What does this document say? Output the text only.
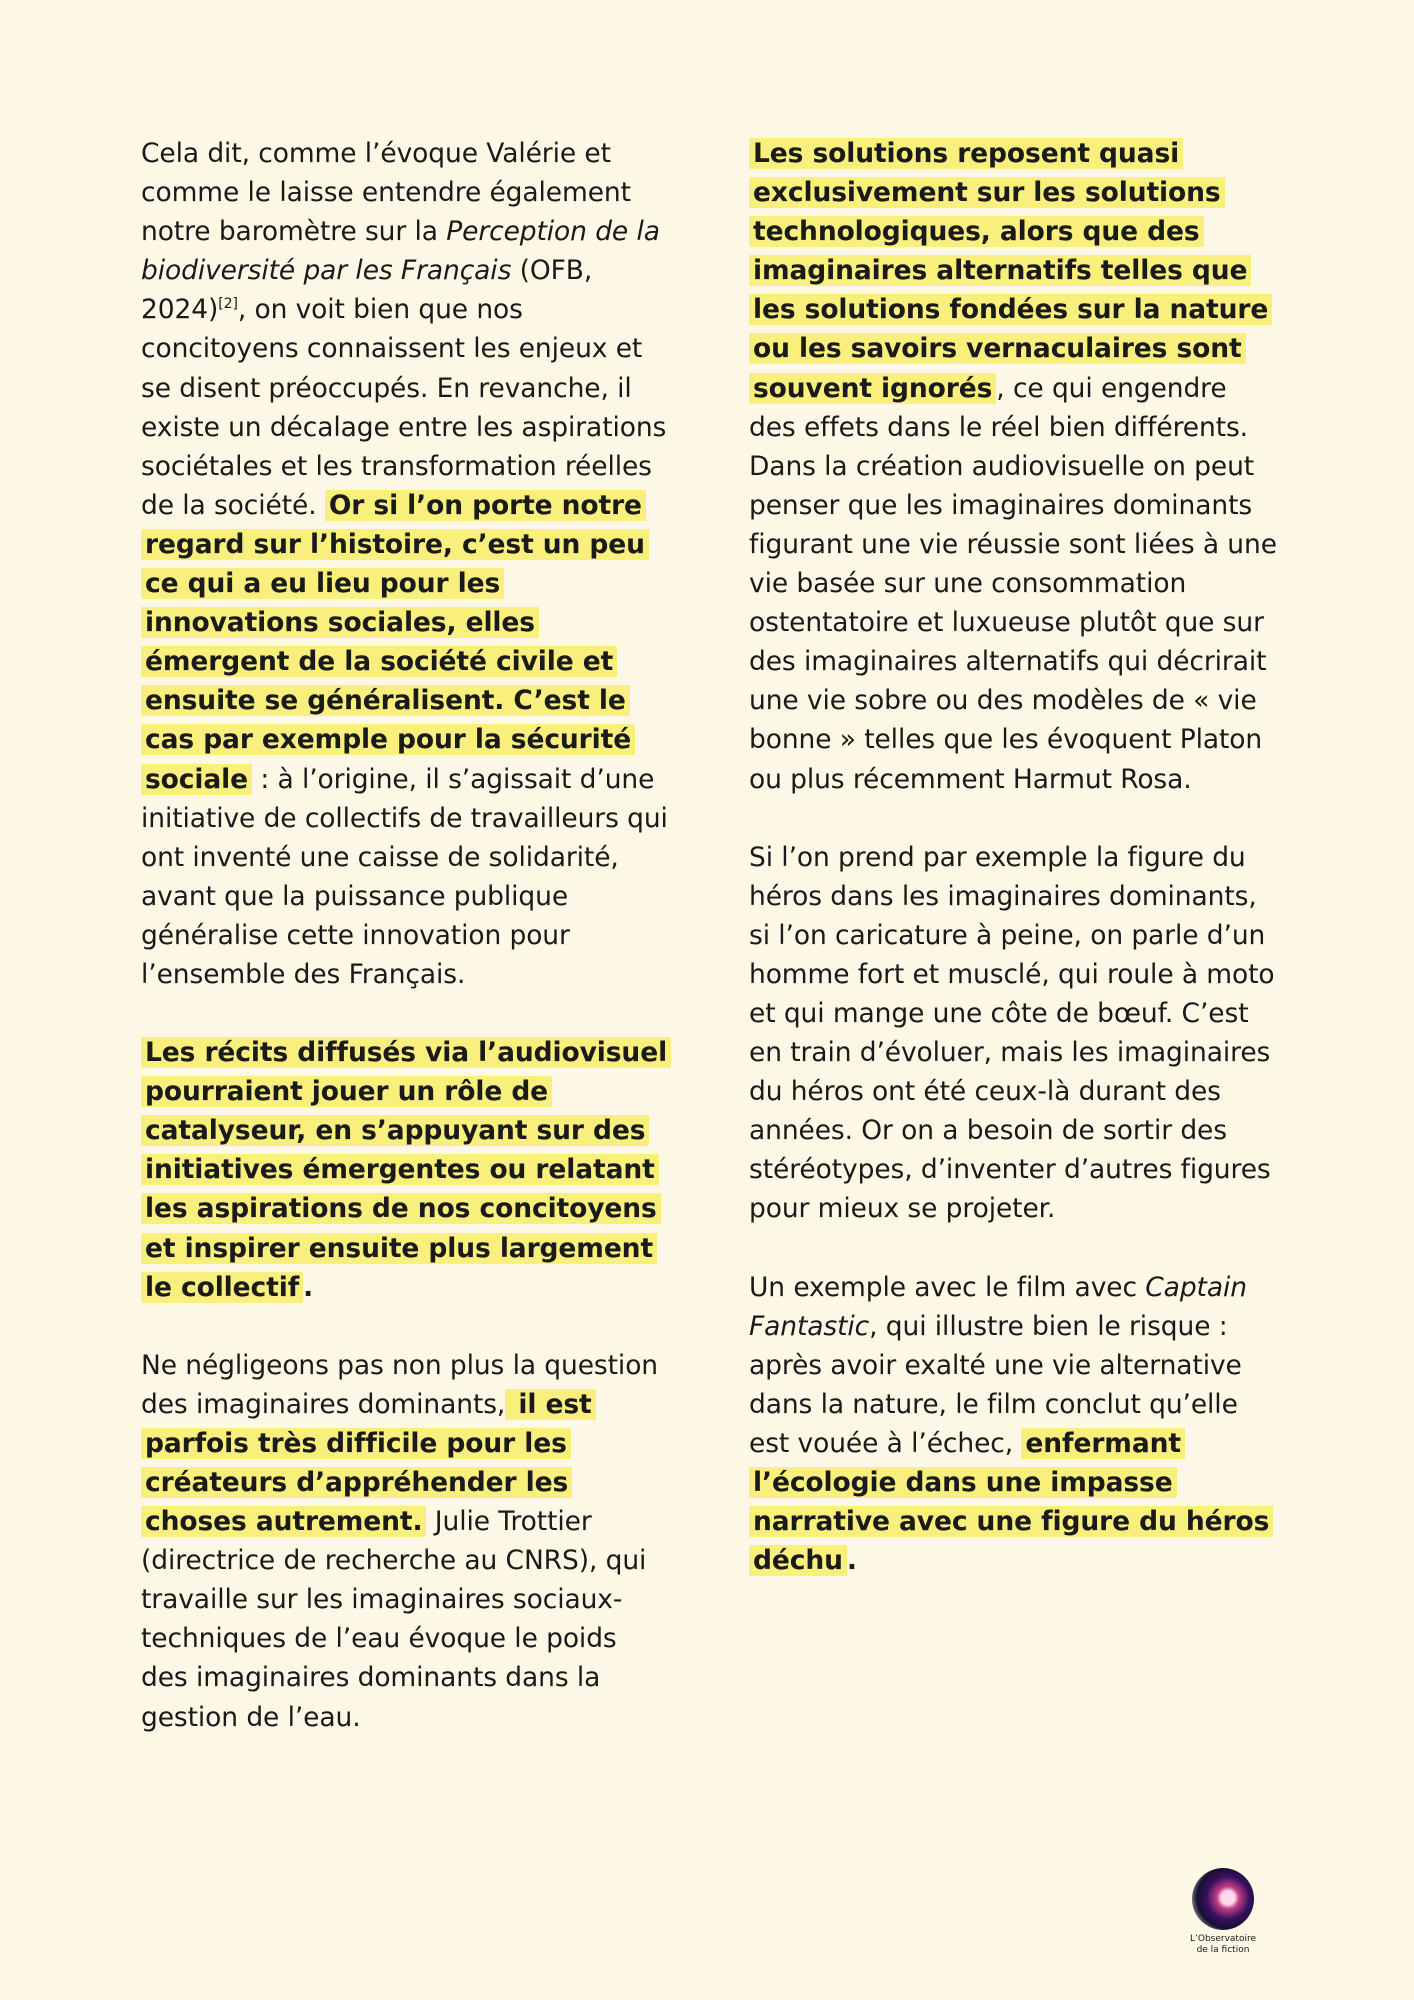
Cela dit, comme l’évoque Valérie et comme le laisse entendre également notre baromètre sur la Perception de la biodiversité par les Français (OFB, 2024)[2], on voit bien que nos concitoyens connaissent les enjeux et se disent préoccupés. En revanche, il existe un décalage entre les aspirations sociétales et les transformation réelles de la société. Or si l’on porte notre regard sur l’histoire, c’est un peu ce qui a eu lieu pour les innovations sociales, elles émergent de la société civile et ensuite se généralisent. C’est le cas par exemple pour la sécurité sociale : à l’origine, il s’agissait d’une initiative de collectifs de travailleurs qui ont inventé une caisse de solidarité, avant que la puissance publique généralise cette innovation pour l’ensemble des Français.

Les récits diffusés via l’audiovisuel pourraient jouer un rôle de catalyseur, en s’appuyant sur des initiatives émergentes ou relatant les aspirations de nos concitoyens et inspirer ensuite plus largement le collectif .

Ne négligeons pas non plus la question des imaginaires dominants, il est parfois très difficile pour les créateurs d’appréhender les choses autrement. Julie Trottier (directrice de recherche au CNRS), qui travaille sur les imaginaires sociaux-techniques de l’eau évoque le poids des imaginaires dominants dans la gestion de l’eau.

Les solutions reposent quasi exclusivement sur les solutions technologiques, alors que des imaginaires alternatifs telles que les solutions fondées sur la nature ou les savoirs vernaculaires sont souvent ignorés , ce qui engendre des effets dans le réel bien différents. Dans la création audiovisuelle on peut penser que les imaginaires dominants figurant une vie réussie sont liées à une vie basée sur une consommation ostentatoire et luxueuse plutôt que sur des imaginaires alternatifs qui décrirait une vie sobre ou des modèles de « vie bonne » telles que les évoquent Platon ou plus récemment Harmut Rosa.

Si l’on prend par exemple la figure du héros dans les imaginaires dominants, si l’on caricature à peine, on parle d’un homme fort et musclé, qui roule à moto et qui mange une côte de bœuf. C’est en train d’évoluer, mais les imaginaires du héros ont été ceux-là durant des années. Or on a besoin de sortir des stéréotypes, d’inventer d’autres figures pour mieux se projeter.

Un exemple avec le film avec Captain Fantastic, qui illustre bien le risque : après avoir exalté une vie alternative dans la nature, le film conclut qu’elle est vouée à l’échec, enfermant l’écologie dans une impasse narrative avec une figure du héros déchu .

L’Observatoire
de la fiction
